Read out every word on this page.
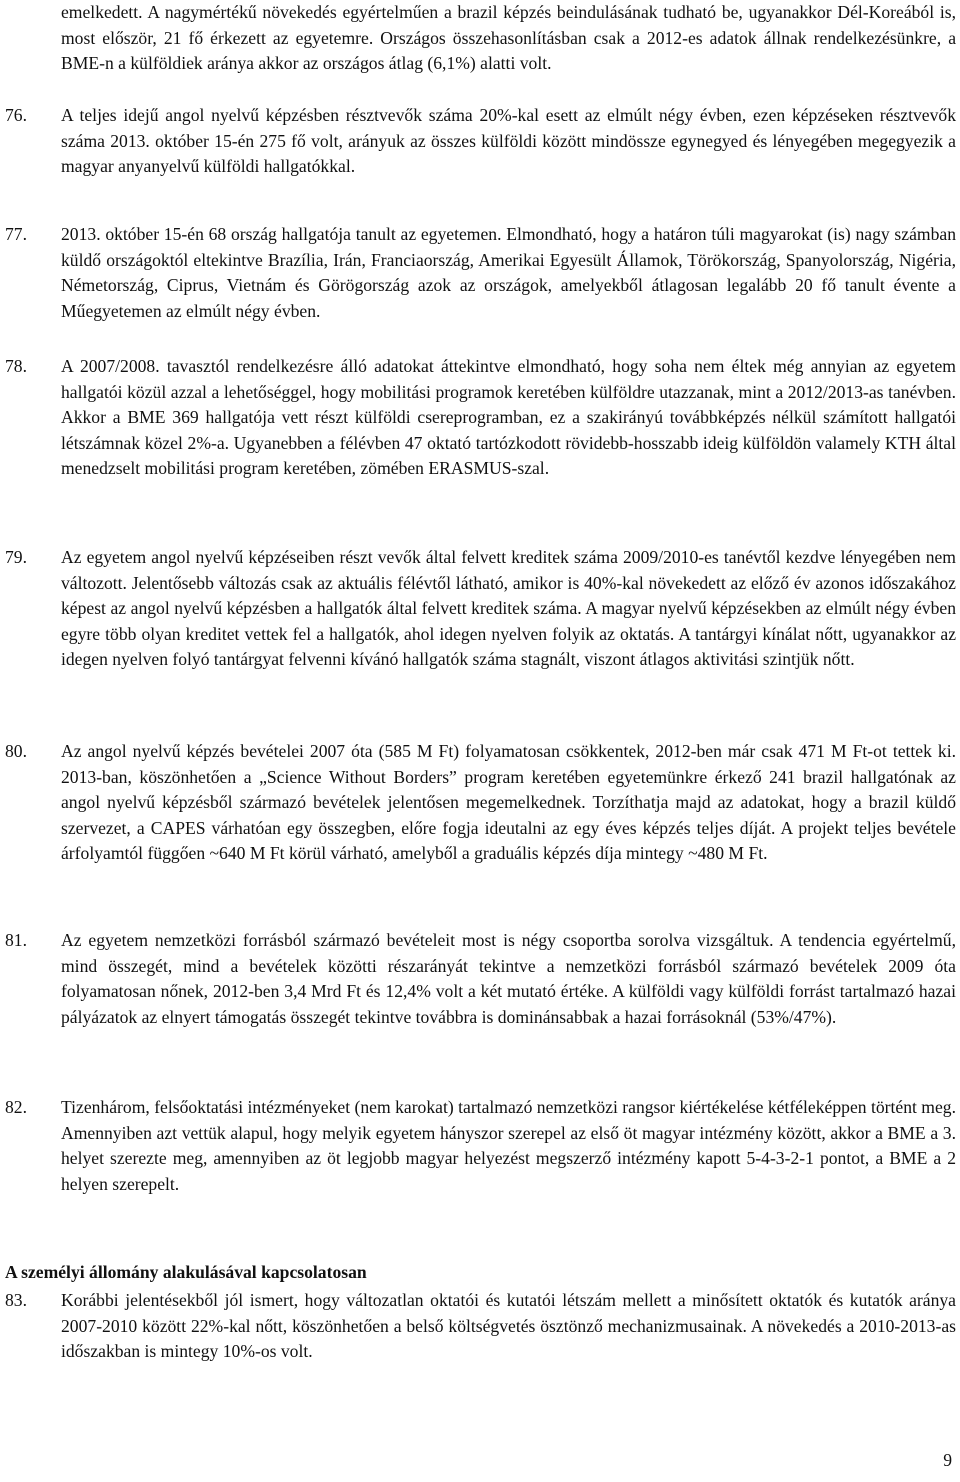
emelkedett. A nagymértékű növekedés egyértelműen a brazil képzés beindulásának tudható be, ugyanakkor Dél-Koreából is, most először, 21 fő érkezett az egyetemre. Országos összehasonlításban csak a 2012-es adatok állnak rendelkezésünkre, a BME-n a külföldiek aránya akkor az országos átlag (6,1%) alatti volt.

76.	A teljes idejű angol nyelvű képzésben résztvevők száma 20%-kal esett az elmúlt négy évben, ezen képzéseken résztvevők száma 2013. október 15-én 275 fő volt, arányuk az összes külföldi között mindössze egynegyed és lényegében megegyezik a magyar anyanyelvű külföldi hallgatókkal.

77.	2013. október 15-én 68 ország hallgatója tanult az egyetemen. Elmondható, hogy a határon túli magyarokat (is) nagy számban küldő országoktól eltekintve Brazília, Irán, Franciaország, Amerikai Egyesült Államok, Törökország, Spanyolország, Nigéria, Németország, Ciprus, Vietnám és Görögország azok az országok, amelyekből átlagosan legalább 20 fő tanult évente a Műegyetemen az elmúlt négy évben.

78.	A 2007/2008. tavasztól rendelkezésre álló adatokat áttekintve elmondható, hogy soha nem éltek még annyian az egyetem hallgatói közül azzal a lehetőséggel, hogy mobilitási programok keretében külföldre utazzanak, mint a 2012/2013-as tanévben. Akkor a BME 369 hallgatója vett részt külföldi csereprogramban, ez a szakirányú továbbképzés nélkül számított hallgatói létszámnak közel 2%-a. Ugyanebben a félévben 47 oktató tartózkodott rövidebb-hosszabb ideig külföldön valamely KTH által menedzselt mobilitási program keretében, zömében ERASMUS-szal.

79.	Az egyetem angol nyelvű képzéseiben részt vevők által felvett kreditek száma 2009/2010-es tanévtől kezdve lényegében nem változott. Jelentősebb változás csak az aktuális félévtől látható, amikor is 40%-kal növekedett az előző év azonos időszakához képest az angol nyelvű képzésben a hallgatók által felvett kreditek száma. A magyar nyelvű képzésekben az elmúlt négy évben egyre több olyan kreditet vettek fel a hallgatók, ahol idegen nyelven folyik az oktatás. A tantárgyi kínálat nőtt, ugyanakkor az idegen nyelven folyó tantárgyat felvenni kívánó hallgatók száma stagnált, viszont átlagos aktivitási szintjük nőtt.

80.	Az angol nyelvű képzés bevételei 2007 óta (585 M Ft) folyamatosan csökkentek, 2012-ben már csak 471 M Ft-ot tettek ki. 2013-ban, köszönhetően a „Science Without Borders” program keretében egyetemünkre érkező 241 brazil hallgatónak az angol nyelvű képzésből származó bevételek jelentősen megemelkednek. Torzíthatja majd az adatokat, hogy a brazil küldő szervezet, a CAPES várhatóan egy összegben, előre fogja ideutalni az egy éves képzés teljes díját. A projekt teljes bevétele árfolyamtól függően ~640 M Ft körül várható, amelyből a graduális képzés díja mintegy ~480 M Ft.

81.	Az egyetem nemzetközi forrásból származó bevételeit most is négy csoportba sorolva vizsgáltuk. A tendencia egyértelmű, mind összegét, mind a bevételek közötti részarányát tekintve a nemzetközi forrásból származó bevételek 2009 óta folyamatosan nőnek, 2012-ben 3,4 Mrd Ft és 12,4% volt a két mutató értéke. A külföldi vagy külföldi forrást tartalmazó hazai pályázatok az elnyert támogatás összegét tekintve továbbra is dominánsabbak a hazai forrásoknál (53%/47%).

82.	Tizenhárom, felsőoktatási intézményeket (nem karokat) tartalmazó nemzetközi rangsor kiértékelése kétféleképpen történt meg. Amennyiben azt vettük alapul, hogy melyik egyetem hányszor szerepel az első öt magyar intézmény között, akkor a BME a 3. helyet szerezte meg, amennyiben az öt legjobb magyar helyezést megszerző intézmény kapott 5-4-3-2-1 pontot, a BME a 2 helyen szerepelt.

A személyi állomány alakulásával kapcsolatosan
83.	Korábbi jelentésekből jól ismert, hogy változatlan oktatói és kutatói létszám mellett a minősített oktatók és kutatók aránya 2007-2010 között 22%-kal nőtt, köszönhetően a belső költségvetés ösztönző mechanizmusainak. A növekedés a 2010-2013-as időszakban is mintegy 10%-os volt.

9
